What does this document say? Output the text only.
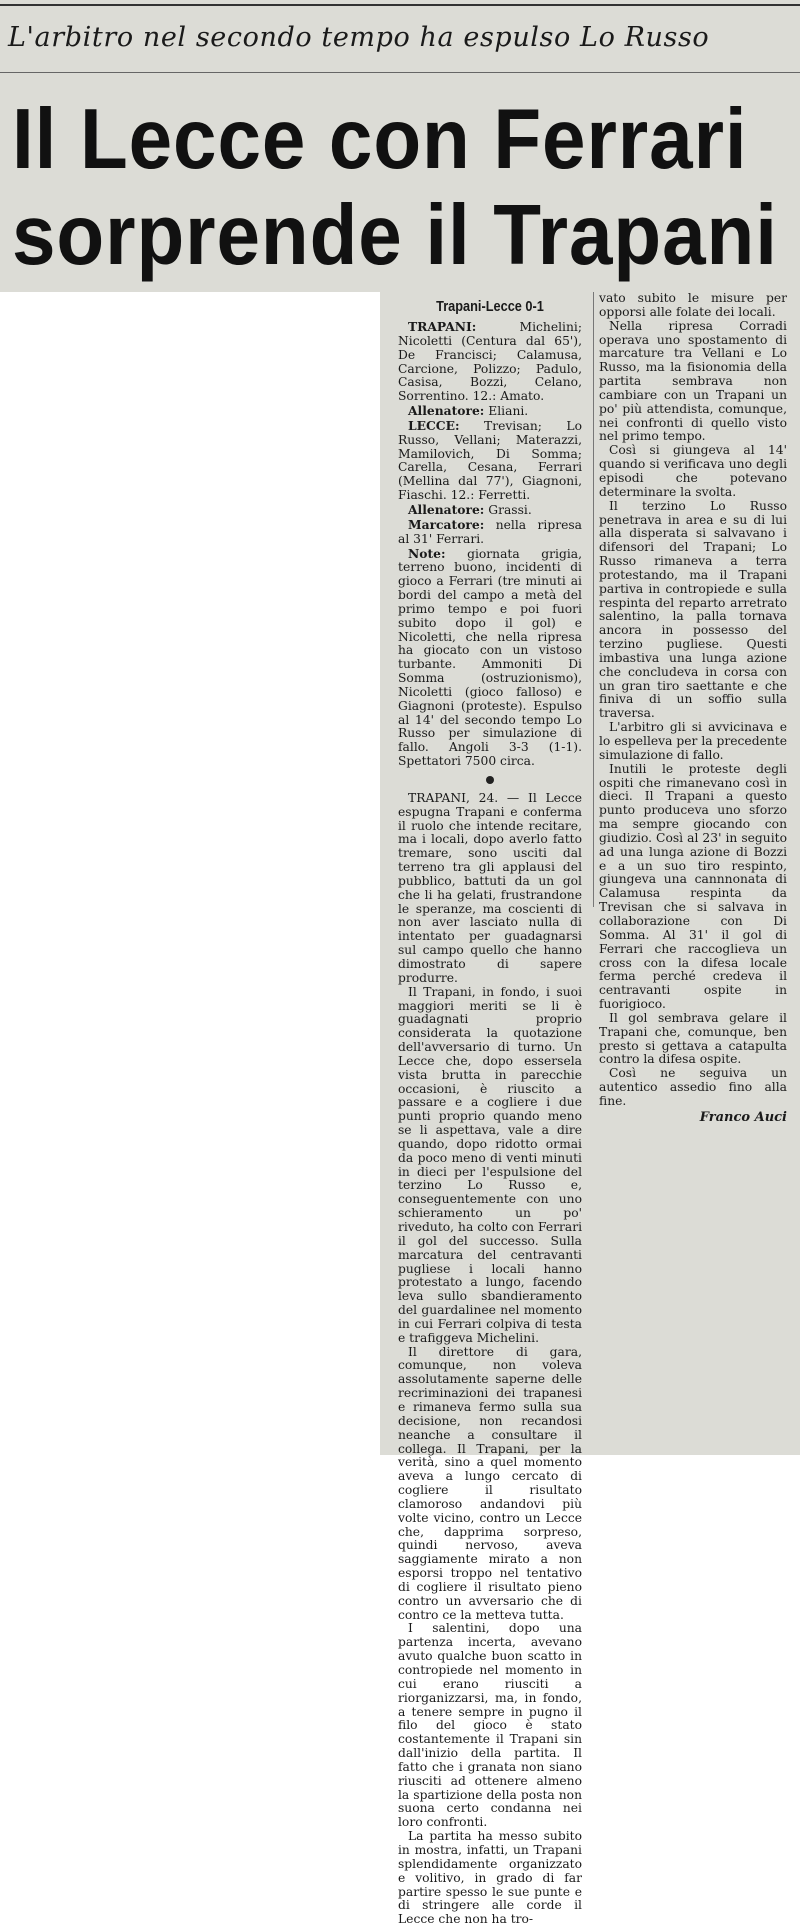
L'arbitro nel secondo tempo ha espulso Lo Russo
Il Lecce con Ferrari
sorprende il Trapani

Trapani-Lecce 0-1

TRAPANI:	Michelini; Nicoletti (Centura dal 65'), De Francisci; Calamusa, Carcione, Polizzo; Padulo, Casisa, Bozzi, Celano, Sorrentino. 12.: Amato.

Allenatore: Eliani.

LECCE: Trevisan; Lo Russo, Vellani; Materazzi, Mamilovich, Di Somma; Carella, Cesana, Ferrari (Mellina dal 77'), Giagnoni, Fiaschi. 12.: Ferretti.

Allenatore: Grassi.

Marcatore: nella ripresa al 31' Ferrari.

Note: giornata grigia, terreno buono, incidenti di gioco a Ferrari (tre minuti ai bordi del campo a metà del primo tempo e poi fuori subito dopo il gol) e Nicoletti, che nella ripresa ha giocato con un vistoso turbante. Ammoniti Di Somma (ostruzionismo), Nicoletti (gioco falloso) e Giagnoni (proteste). Espulso al 14' del secondo tempo Lo Russo per simulazione di fallo. Angoli 3-3 (1-1). Spettatori 7500 circa.

TRAPANI, 24. — Il Lecce espugna Trapani e conferma il ruolo che intende recitare, ma i locali, dopo averlo fatto tremare, sono usciti dal terreno tra gli applausi del pubblico, battuti da un gol che li ha gelati, frustrandone le speranze, ma coscienti di non aver lasciato nulla di intentato per guadagnarsi sul campo quello che hanno dimostrato di sapere produrre.

Il Trapani, in fondo, i suoi maggiori meriti se li è guadagnati proprio considerata la quotazione dell'avversario di turno. Un Lecce che, dopo essersela vista brutta in parecchie occasioni, è riuscito a passare e a cogliere i due punti proprio quando meno se li aspettava, vale a dire quando, dopo ridotto ormai da poco meno di venti minuti in dieci per l'espulsione del terzino Lo Russo e, conseguentemente con uno schieramento un po' riveduto, ha colto con Ferrari il gol del successo. Sulla marcatura del centravanti pugliese i locali hanno protestato a lungo, facendo leva sullo sbandieramento del guardalinee nel momento in cui Ferrari colpiva di testa e trafiggeva Michelini.

Il direttore di gara, comunque, non voleva assolutamente saperne delle recriminazioni dei trapanesi e rimaneva fermo sulla sua decisione, non recandosi neanche a consultare il collega. Il Trapani, per la verità, sino a quel momento aveva a lungo cercato di cogliere il risultato clamoroso andandovi più volte vicino, contro un Lecce che, dapprima sorpreso, quindi nervoso, aveva saggiamente mirato a non esporsi troppo nel tentativo di cogliere il risultato pieno contro un avversario che di contro ce la metteva tutta.

I salentini, dopo una partenza incerta, avevano avuto qualche buon scatto in contropiede nel momento in cui erano riusciti a riorganizzarsi, ma, in fondo, a tenere sempre in pugno il filo del gioco è stato costantemente il Trapani sin dall'inizio della partita. Il fatto che i granata non siano riusciti ad ottenere almeno la spartizione della posta non suona certo condanna nei loro confronti.

La partita ha messo subito in mostra, infatti, un Trapani splendidamente organizzato e volitivo, in grado di far partire spesso le sue punte e di stringere alle corde il Lecce che non ha tro-

vato subito le misure per opporsi alle folate dei locali.

Nella ripresa Corradi operava uno spostamento di marcature tra Vellani e Lo Russo, ma la fisionomia della partita sembrava non cambiare con un Trapani un po' più attendista, comunque, nei confronti di quello visto nel primo tempo.

Così si giungeva al 14' quando si verificava uno degli episodi che potevano determinare la svolta.

Il terzino Lo Russo penetrava in area e su di lui alla disperata si salvavano i difensori del Trapani; Lo Russo rimaneva a terra protestando, ma il Trapani partiva in contropiede e sulla respinta del reparto arretrato salentino, la palla tornava ancora in possesso del terzino pugliese. Questi imbastiva una lunga azione che concludeva in corsa con un gran tiro saettante e che finiva di un soffio sulla traversa.

L'arbitro gli si avvicinava e lo espelleva per la precedente simulazione di fallo.

Inutili le proteste degli ospiti che rimanevano così in dieci. Il Trapani a questo punto produceva uno sforzo ma sempre giocando con giudizio. Così al 23' in seguito ad una lunga azione di Bozzi e a un suo tiro respinto, giungeva una cannnonata di Calamusa respinta da Trevisan che si salvava in collaborazione con Di Somma. Al 31' il gol di Ferrari che raccoglieva un cross con la difesa locale ferma perché credeva il centravanti ospite in fuorigioco.

Il gol sembrava gelare il Trapani che, comunque, ben presto si gettava a catapulta contro la difesa ospite.

Così ne seguiva un autentico assedio fino alla fine.

Franco Auci
